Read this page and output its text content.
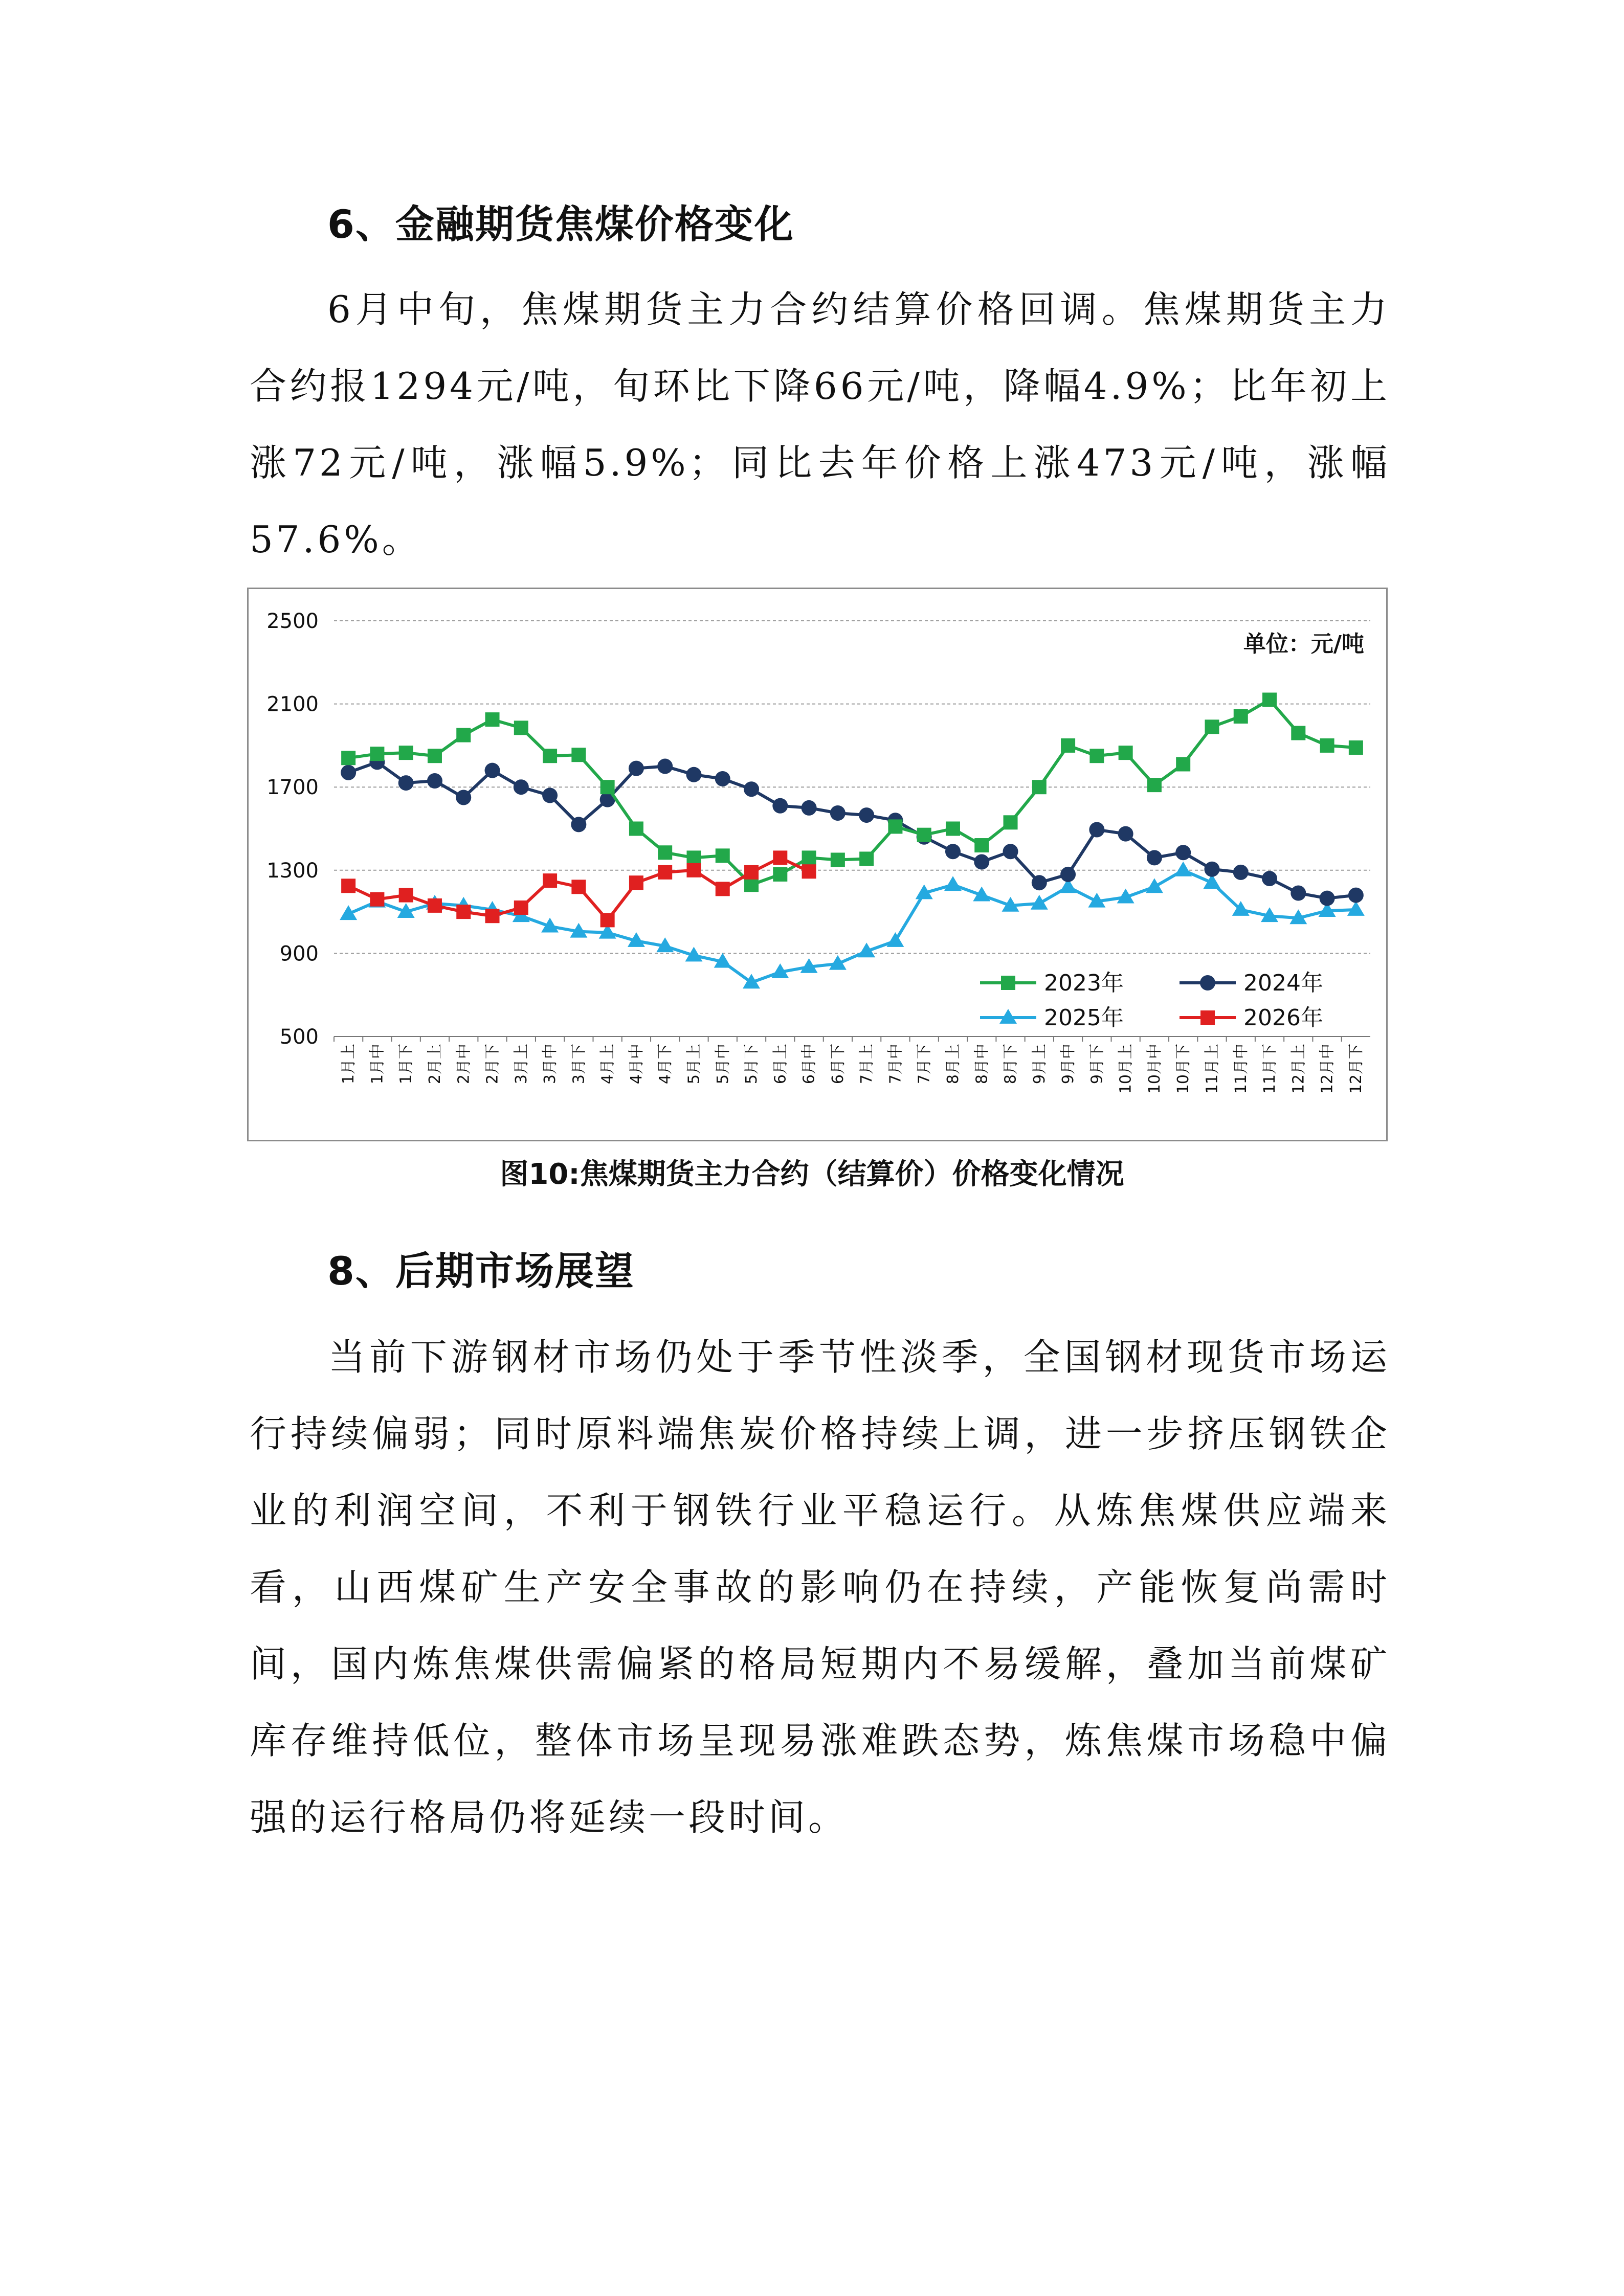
6、金融期货焦煤价格变化

6月中旬，焦煤期货主力合约结算价格回调。焦煤期货主力合约报1294元/吨，旬环比下降66元/吨，降幅4.9%；比年初上涨72元/吨，涨幅5.9%；同比去年价格上涨473元/吨，涨幅57.6%。

2500
2100
1700
1300
900
500
1月上 1月中 1月下 2月上 2月中 2月下 3月上 3月中 3月下 4月上 4月中 4月下 5月上 5月中 5月下 6月上 6月中 6月下 7月上 7月中 7月下 8月上 8月中 8月下 9月上 9月中 9月下 10月上 10月中 10月下 11月上 11月中 11月下 12月上 12月中 12月下
单位：元/吨
2023年	2024年
2025年	2026年
图10:焦煤期货主力合约（结算价）价格变化情况
8、后期市场展望

当前下游钢材市场仍处于季节性淡季，全国钢材现货市场运行持续偏弱；同时原料端焦炭价格持续上调，进一步挤压钢铁企业的利润空间，不利于钢铁行业平稳运行。从炼焦煤供应端来看，山西煤矿生产安全事故的影响仍在持续，产能恢复尚需时间，国内炼焦煤供需偏紧的格局短期内不易缓解，叠加当前煤矿库存维持低位，整体市场呈现易涨难跌态势，炼焦煤市场稳中偏强的运行格局仍将延续一段时间。
